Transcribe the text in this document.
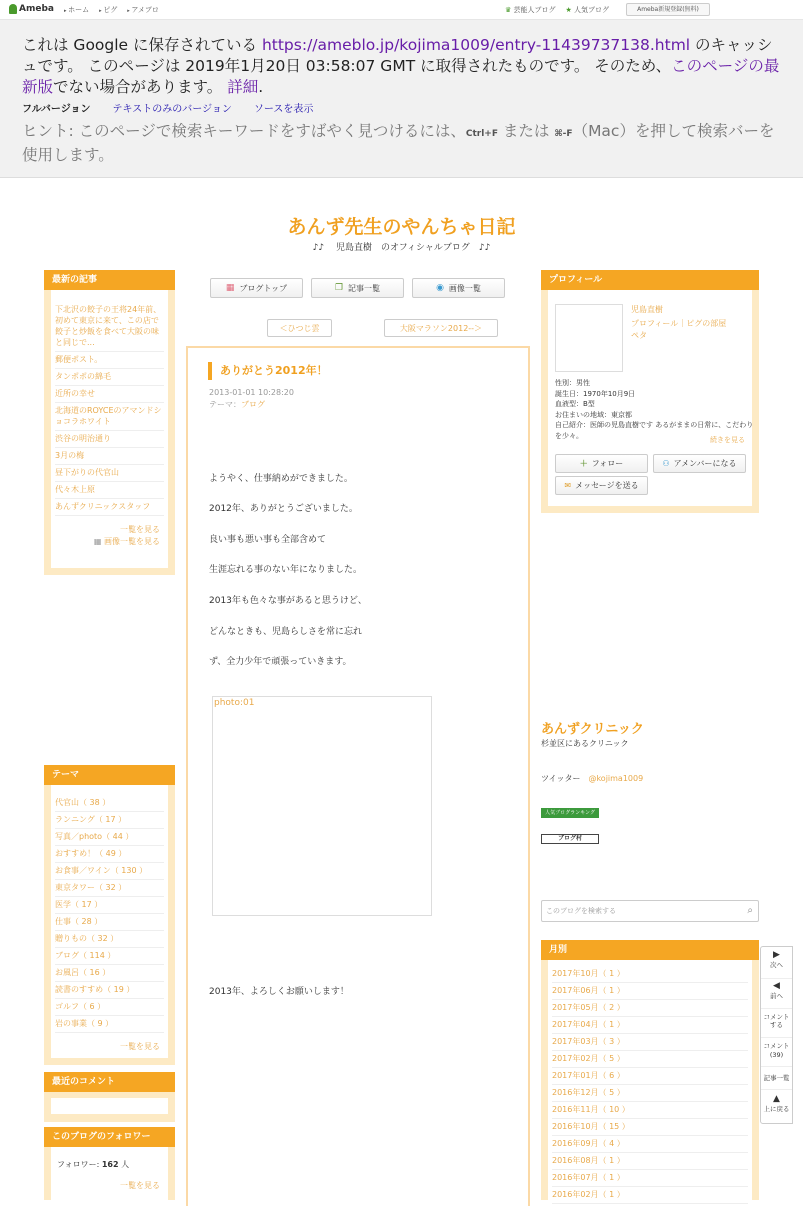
Ameba	▸ ホーム	▸ ピグ	▸ アメブロ	♛ 芸能人ブログ ★ 人気ブログ	Ameba新規登録(無料)
これは Google に保存されている https://ameblo.jp/kojima1009/entry-11439737138.html のキャッシュです。 このページは 2019年1月20日 03:58:07 GMT に取得されたものです。 そのため、このページの最新版でない場合があります。 詳細.
フルバージョン テキストのみのバージョン ソースを表示
ヒント: このページで検索キーワードをすばやく見つけるには、Ctrl+F または ⌘-F（Mac）を押して検索バーを使用します。
あんず先生のやんちゃ日記
♪♪　 児島直樹　のオフィシャルブログ　♪♪
最新の記事
下北沢の餃子の王将24年前、初めて東京に来て、この店で餃子と炒飯を食べて大阪の味と同じで...
郵便ポスト。
タンポポの綿毛
近所の幸せ
北海道のROYCEのアマンドショコラホワイト
渋谷の明治通り
3月の梅
昼下がりの代官山
代々木上原
あんずクリニックスタッフ
一覧を見る
▦ 画像一覧を見る
テーマ
代官山（ 38 ）
ランニング（ 17 ）
写真／photo（ 44 ）
おすすめ！（ 49 ）
お食事／ワイン（ 130 ）
東京タワー（ 32 ）
医学（ 17 ）
仕事（ 28 ）
贈りもの（ 32 ）
ブログ（ 114 ）
お風呂（ 16 ）
読書のすすめ（ 19 ）
ゴルフ（ 6 ）
岩の事業（ 9 ）
一覧を見る
最近のコメント
このブログのフォロワー
フォロワー: 162 人
一覧を見る
▦ ブログトップ	❐ 記事一覧	◉ 画像一覧
＜ひつじ雲	大阪マラソン2012--＞
ありがとう2012年！
2013-01-01 10:28:20
テーマ：ブログ

ようやく、仕事納めができました。

2012年、ありがとうございました。

良い事も悪い事も全部含めて

生涯忘れる事のない年になりました。

2013年も色々な事があると思うけど、

どんなときも、児島らしさを常に忘れ

ず、全力少年で頑張っていきます。

photo:01

2013年、よろしくお願いします！

プロフィール
児島直樹
プロフィール｜ピグの部屋
ペタ
性別：男性
誕生日：1970年10月9日
血液型：B型
お住まいの地域：東京都
自己紹介：医師の児島直樹です あるがままの日常に、こだわりを少々。
続きを見る
＋ フォロー	⚇ アメンバーになる
✉ メッセージを送る
あんずクリニック
杉並区にあるクリニック
ツイッター @kojima1009
人気ブログランキング
ブログ村
このブログを検索する	⌕
月別
2017年10月（ 1 ）
2017年06月（ 1 ）
2017年05月（ 2 ）
2017年04月（ 1 ）
2017年03月（ 3 ）
2017年02月（ 5 ）
2017年01月（ 6 ）
2016年12月（ 5 ）
2016年11月（ 10 ）
2016年10月（ 15 ）
2016年09月（ 4 ）
2016年08月（ 1 ）
2016年07月（ 1 ）
2016年02月（ 1 ）
▶
次へ
◀
前へ
コメントする
コメント
(39)
記事一覧
▲
上に戻る
